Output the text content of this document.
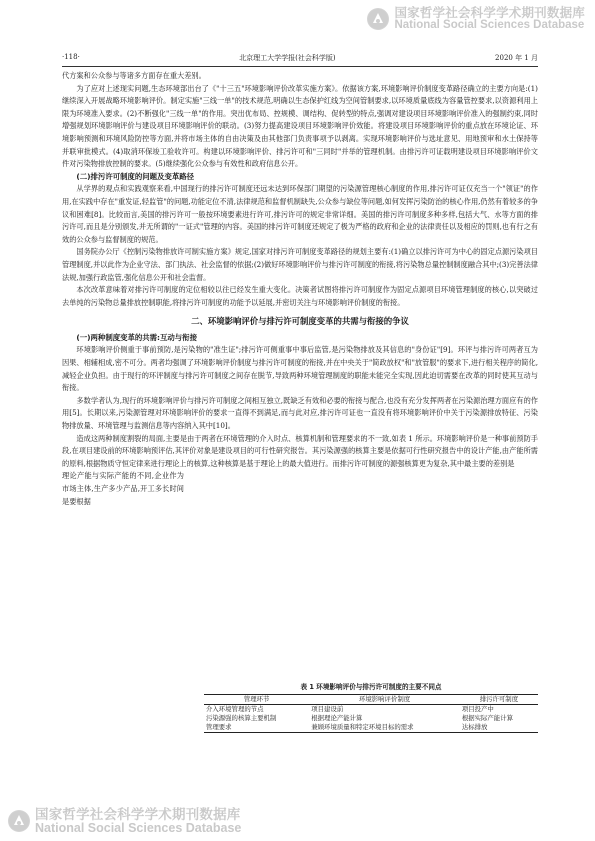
国家哲学社会科学学术期刊数据库
National Social Sciences Database
·118·	北京理工大学学报(社会科学版)	2020 年 1 月

代方案和公众参与等诸多方面存在重大差别。

为了应对上述现实问题,生态环境部出台了《"十三五"环境影响评价改革实施方案》。依据该方案,环境影响评价制度变革路径确立的主要方向是:(1)继续深入开展战略环境影响评价。制定实施"三线一单"的技术规范,明确以生态保护红线为空间管制要求,以环境质量底线为容量管控要求,以资源利用上限为环境准入要求。(2)不断强化"三线一单"的作用。突出优布局、控规模、调结构、促转型的特点,强调对建设项目环境影响评价准入的强制约束,同时增强规划环境影响评价与建设项目环境影响评价的联动。(3)努力提高建设项目环境影响评价效能。将建设项目环境影响评价的重点放在环境论证、环境影响预测和环境风险防控等方面,并将市场主体的自由决策及由其他部门负责事项予以剥离。实现环境影响评价与选址意见、用地预审和水土保持等并联审批模式。(4)取消环保竣工验收许可。构建以环境影响评价、排污许可和"三同时"并举的管理机制。由排污许可证载明建设项目环境影响评价文件对污染物排放控制的要求。(5)继续强化公众参与有效性和政府信息公开。

(二)排污许可制度的问题及变革路径

从学界的观点和实践观察来看,中国现行的排污许可制度还远未达到环保部门期望的污染源管理核心制度的作用,排污许可证仅充当一个"领证"的作用,在实践中存在"重发证,轻监管"的问题,功能定位不清,法律规范和监督机制缺失,公众参与缺位等问题,如何发挥污染防治的核心作用,仍然有着较多的争议和困难[8]。比较而言,美国的排污许可一般按环境要素进行许可,排污许可的规定非常详细。美国的排污许可制度多种多样,包括大气、水等方面的排污许可,而且是分别颁发,并无所谓的"一证式"管理的内容。美国的排污许可制度还规定了极为严格的政府和企业的法律责任以及相应的罚则,也有行之有效的公众参与监督制度的规范。

国务院办公厅《控制污染物排放许可制实施方案》规定,国家对排污许可制度变革路径的规划主要有:(1)确立以排污许可为中心的固定点源污染项目管理制度,并以此作为企业守法、部门执法、社会监督的依据;(2)做好环境影响评价与排污许可制度的衔接,将污染物总量控制制度融合其中;(3)完善法律法规,加强行政监管,强化信息公开和社会监督。

本次改革意味着对排污许可制度的定位相较以往已经发生重大变化。决策者试图将排污许可制度作为固定点源项目环境管理制度的核心,以突破过去单纯的污染物总量排放控制职能,将排污许可制度的功能予以延展,并密切关注与环境影响评价制度的衔接。

二、环境影响评价与排污许可制度变革的共需与衔接的争议

(一)两种制度变革的共需:互动与衔接

环境影响评价侧重于事前预防,是污染物的"准生证";排污许可侧重事中事后监管,是污染物排放及其信息的"身份证"[9]。环评与排污许可两者互为因果、相辅相成,密不可分。两者均强调了环境影响评价制度与排污许可制度的衔接,并在中央关于"简政放权"和"放管服"的要求下,进行相关程序的简化,减轻企业负担。由于现行的环评制度与排污许可制度之间存在脱节,导致两种环境管理制度的职能未能完全实现,因此迫切需要在改革的同时使其互动与衔接。

多数学者认为,现行的环境影响评价与排污许可制度之间相互独立,既缺乏有效和必要的衔接与配合,也没有充分发挥两者在污染源治理方面应有的作用[5]。长期以来,污染源管理对环境影响评价的要求一直得不到满足,而与此对应,排污许可证也一直没有将环境影响评价中关于污染源排放特征、污染物排放量、环境管理与监测信息等内容纳入其中[10]。

造成这两种制度割裂的局面,主要是由于两者在环境管理的介入时点、核算机制和管理要求的不一致,如表 1 所示。环境影响评价是一种事前预防手段,在项目建设前的环境影响预评估,其评价对象是建设项目的可行性研究报告。其污染源强的核算主要是依据可行性研究报告中的设计产能,由产能所需的原料,根据物质守恒定律来进行理论上的核算,这种核算是基于理论上的最大值进行。而排污许可制度的源强核算更为复杂,其中最主要的差别是

理论产能与实际产能的不同,企业作为市场主体,生产多少产品,开工多长时间是要根据

表 1 环境影响评价与排污许可制度的主要不同点
管理环节	环境影响评价制度	排污许可制度
介入环境管理的节点	项目建设前	项目投产中
污染源强的核算主要机制	根据理论产能计算	根据实际产能计算
管理要求	兼顾环境质量和特定环境目标的需求	达标排放
国家哲学社会科学学术期刊数据库
National Social Sciences Database
